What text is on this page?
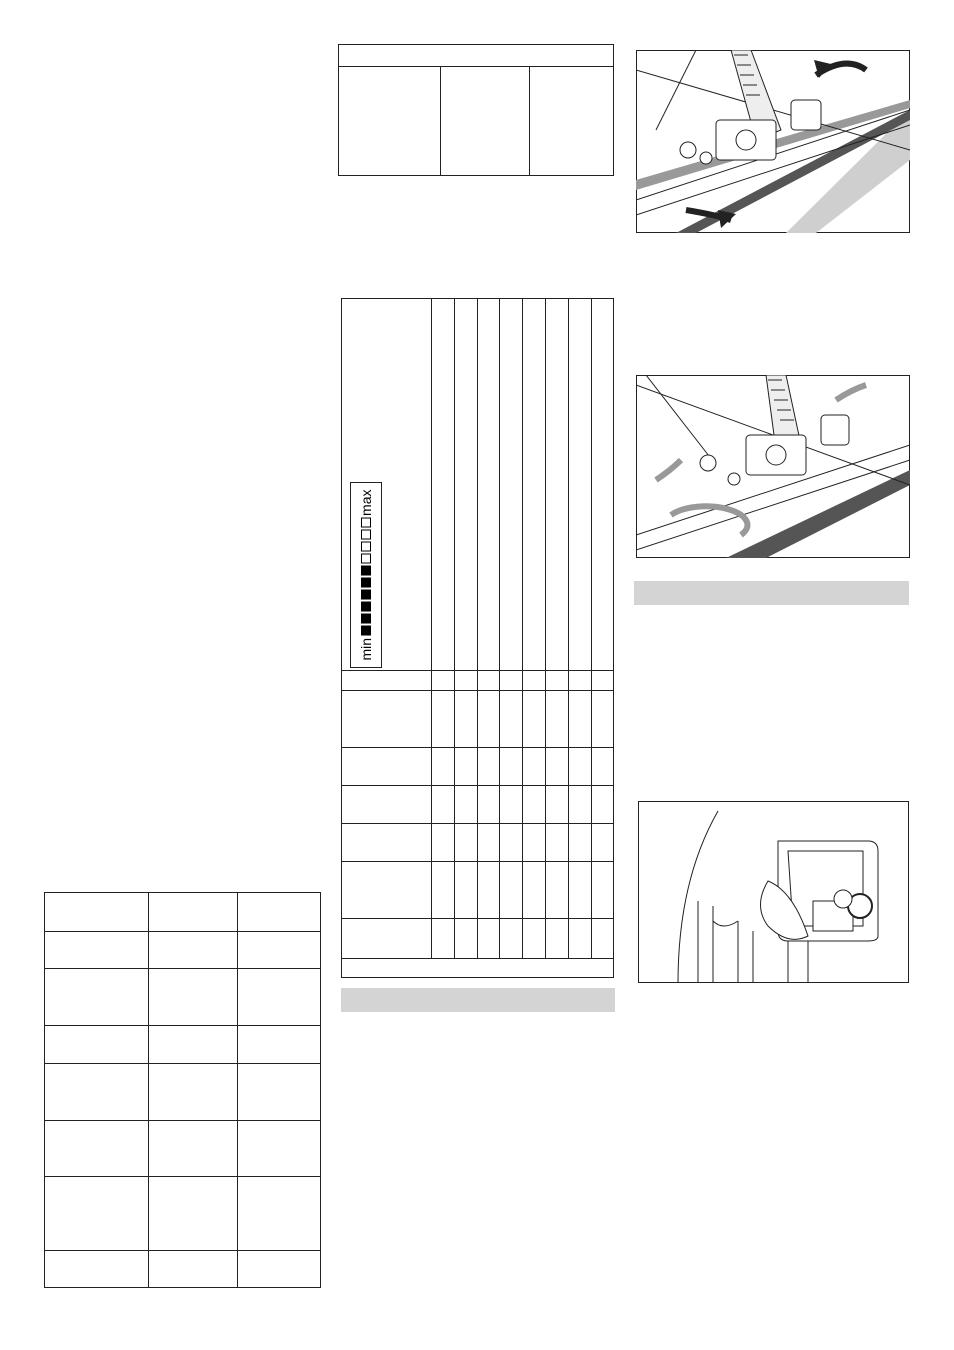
min
max
